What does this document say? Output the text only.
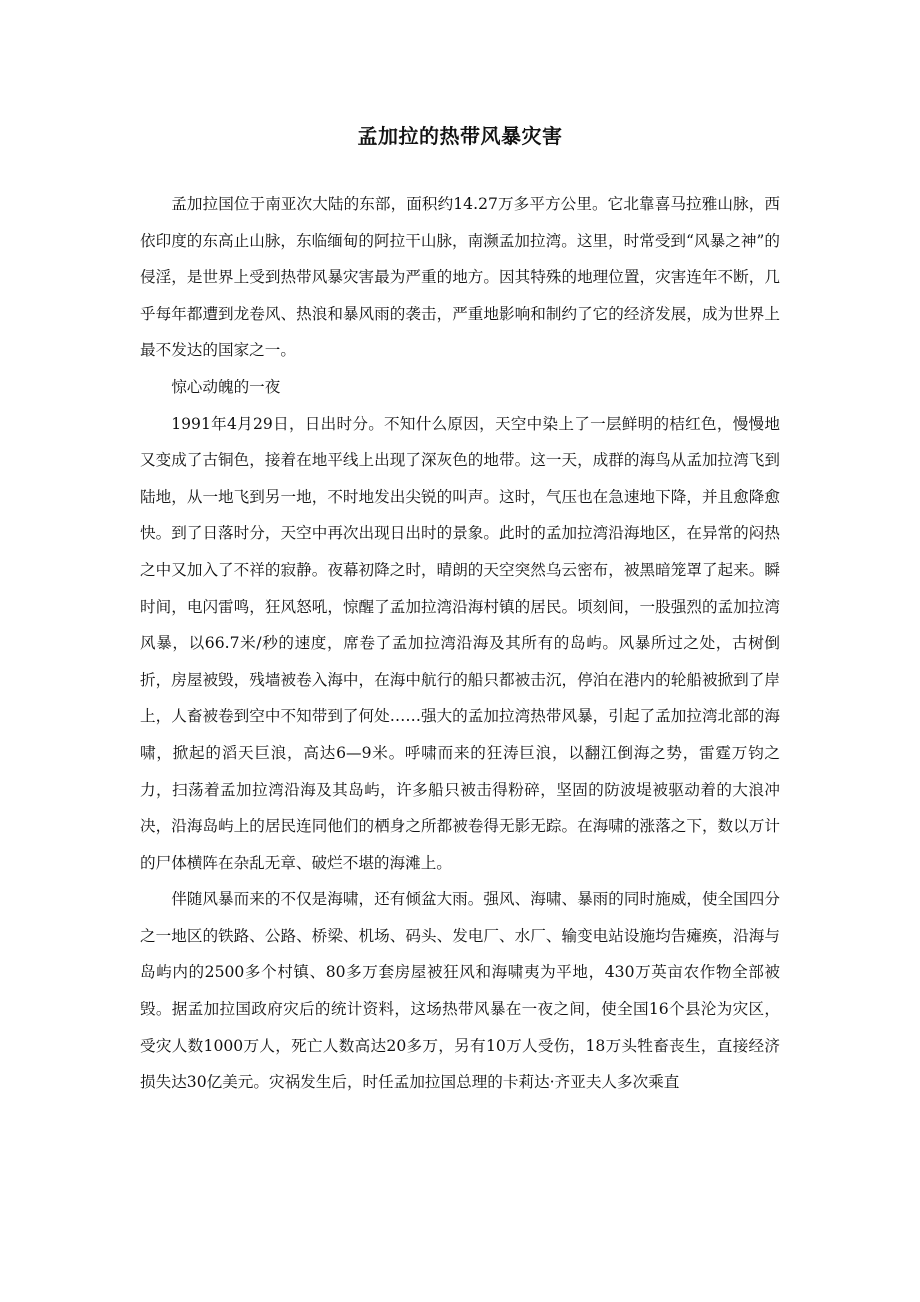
孟加拉的热带风暴灾害

孟加拉国位于南亚次大陆的东部，面积约14.27万多平方公里。它北靠喜马拉雅山脉，西依印度的东高止山脉，东临缅甸的阿拉干山脉，南濒孟加拉湾。这里，时常受到“风暴之神”的侵淫，是世界上受到热带风暴灾害最为严重的地方。因其特殊的地理位置，灾害连年不断，几乎每年都遭到龙卷风、热浪和暴风雨的袭击，严重地影响和制约了它的经济发展，成为世界上最不发达的国家之一。

惊心动魄的一夜

1991年4月29日，日出时分。不知什么原因，天空中染上了一层鲜明的桔红色，慢慢地又变成了古铜色，接着在地平线上出现了深灰色的地带。这一天，成群的海鸟从孟加拉湾飞到陆地，从一地飞到另一地，不时地发出尖锐的叫声。这时，气压也在急速地下降，并且愈降愈快。到了日落时分，天空中再次出现日出时的景象。此时的孟加拉湾沿海地区，在异常的闷热之中又加入了不祥的寂静。夜幕初降之时，晴朗的天空突然乌云密布，被黑暗笼罩了起来。瞬时间，电闪雷鸣，狂风怒吼，惊醒了孟加拉湾沿海村镇的居民。顷刻间，一股强烈的孟加拉湾风暴，以66.7米/秒的速度，席卷了孟加拉湾沿海及其所有的岛屿。风暴所过之处，古树倒折，房屋被毁，残墙被卷入海中，在海中航行的船只都被击沉，停泊在港内的轮船被掀到了岸上，人畜被卷到空中不知带到了何处……强大的孟加拉湾热带风暴，引起了孟加拉湾北部的海啸，掀起的滔天巨浪，高达6—9米。呼啸而来的狂涛巨浪，以翻江倒海之势，雷霆万钧之力，扫荡着孟加拉湾沿海及其岛屿，许多船只被击得粉碎，坚固的防波堤被驱动着的大浪冲决，沿海岛屿上的居民连同他们的栖身之所都被卷得无影无踪。在海啸的涨落之下，数以万计的尸体横阵在杂乱无章、破烂不堪的海滩上。

伴随风暴而来的不仅是海啸，还有倾盆大雨。强风、海啸、暴雨的同时施威，使全国四分之一地区的铁路、公路、桥梁、机场、码头、发电厂、水厂、输变电站设施均告瘫痪，沿海与岛屿内的2500多个村镇、80多万套房屋被狂风和海啸夷为平地，430万英亩农作物全部被毁。据孟加拉国政府灾后的统计资料，这场热带风暴在一夜之间，使全国16个县沦为灾区，受灾人数1000万人，死亡人数高达20多万，另有10万人受伤，18万头牲畜丧生，直接经济损失达30亿美元。灾祸发生后，时任孟加拉国总理的卡莉达·齐亚夫人多次乘直
